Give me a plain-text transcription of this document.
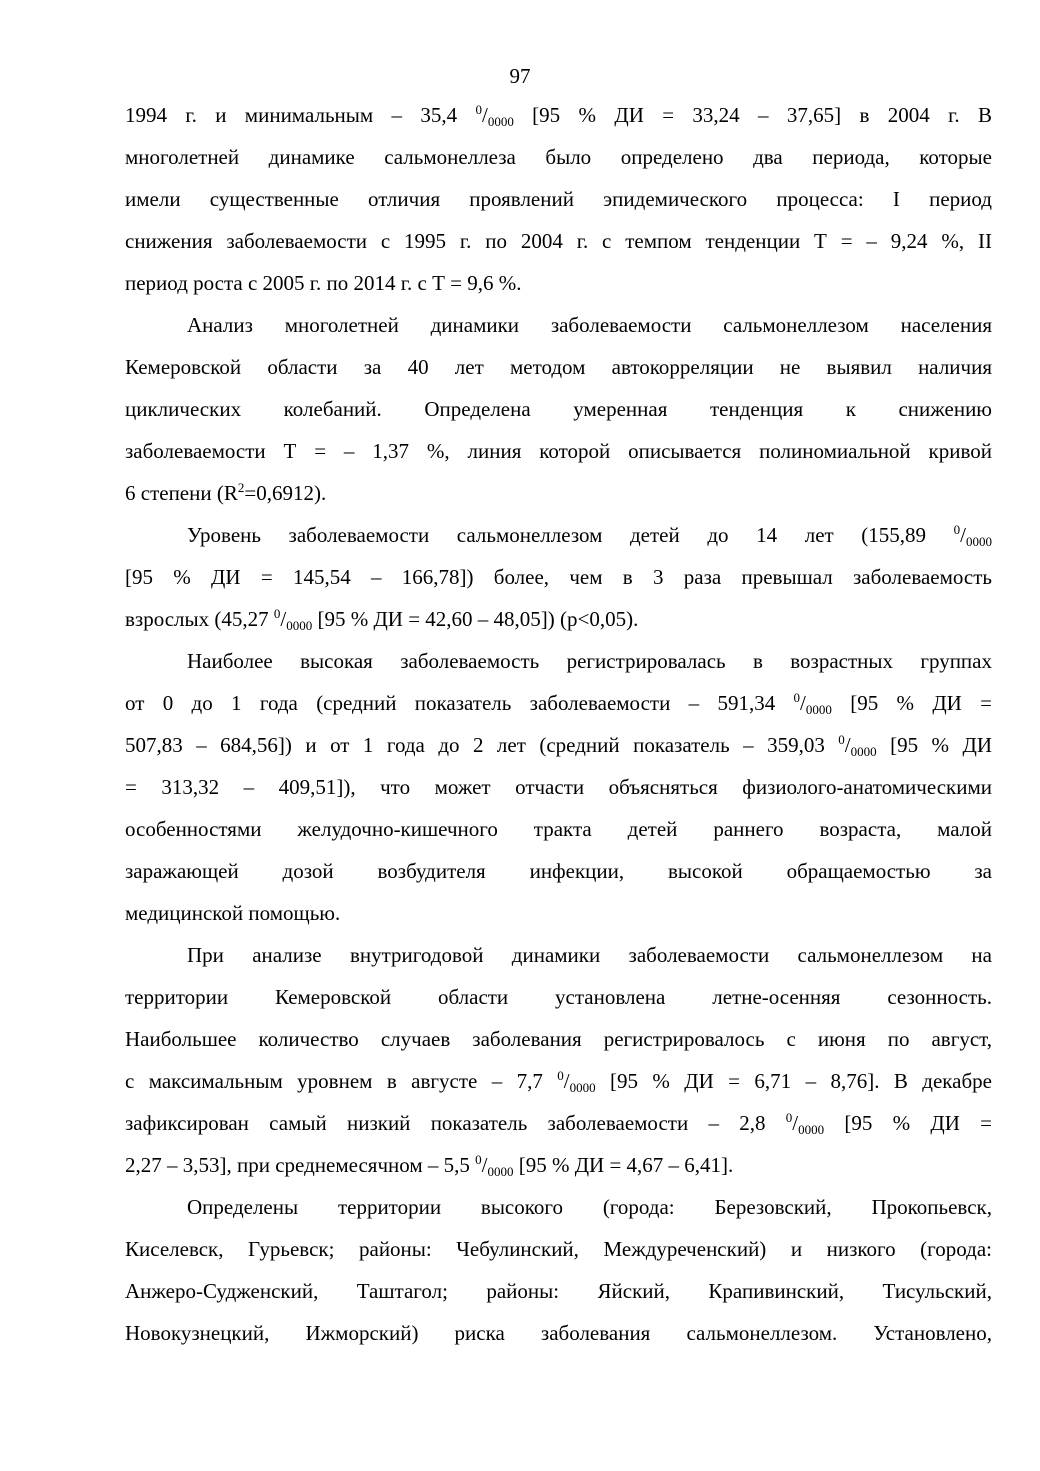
97
1994 г. и минимальным – 35,4 $^0/_{0000}$ [95 % ДИ = 33,24 – 37,65] в 2004 г. В
многолетней динамике сальмонеллеза было определено два периода, которые
имели существенные отличия проявлений эпидемического процесса: I период
снижения заболеваемости с 1995 г. по 2004 г. с темпом тенденции Т = – 9,24 %, II
период роста с 2005 г. по 2014 г. с Т = 9,6 %.
Анализ многолетней динамики заболеваемости сальмонеллезом населения
Кемеровской области за 40 лет методом автокорреляции не выявил наличия
циклических колебаний. Определена умеренная тенденция к снижению
заболеваемости Т = – 1,37 %, линия которой описывается полиномиальной кривой
6 степени $(R^2=0,6912)$.
Уровень заболеваемости сальмонеллезом детей до 14 лет (155,89 $^0/_{0000}$
[95 % ДИ = 145,54 – 166,78]) более, чем в 3 раза превышал заболеваемость
взрослых (45,27 $^0/_{0000}$ [95 % ДИ = 42,60 – 48,05]) (p<0,05).
Наиболее высокая заболеваемость регистрировалась в возрастных группах
от 0 до 1 года (средний показатель заболеваемости – 591,34 $^0/_{0000}$ [95 % ДИ =
507,83 – 684,56]) и от 1 года до 2 лет (средний показатель – 359,03 $^0/_{0000}$ [95 % ДИ
= 313,32 – 409,51]), что может отчасти объясняться физиолого-анатомическими
особенностями желудочно-кишечного тракта детей раннего возраста, малой
заражающей дозой возбудителя инфекции, высокой обращаемостью за
медицинской помощью.
При анализе внутригодовой динамики заболеваемости сальмонеллезом на
территории Кемеровской области установлена летне-осенняя сезонность.
Наибольшее количество случаев заболевания регистрировалось с июня по август,
с максимальным уровнем в августе – 7,7 $^0/_{0000}$ [95 % ДИ = 6,71 – 8,76]. В декабре
зафиксирован самый низкий показатель заболеваемости – 2,8 $^0/_{0000}$ [95 % ДИ =
2,27 – 3,53], при среднемесячном – 5,5 $^0/_{0000}$ [95 % ДИ = 4,67 – 6,41].
Определены территории высокого (города: Березовский, Прокопьевск,
Киселевск, Гурьевск; районы: Чебулинский, Междуреченский) и низкого (города:
Анжеро-Судженский, Таштагол; районы: Яйский, Крапивинский, Тисульский,
Новокузнецкий, Ижморский) риска заболевания сальмонеллезом. Установлено,
